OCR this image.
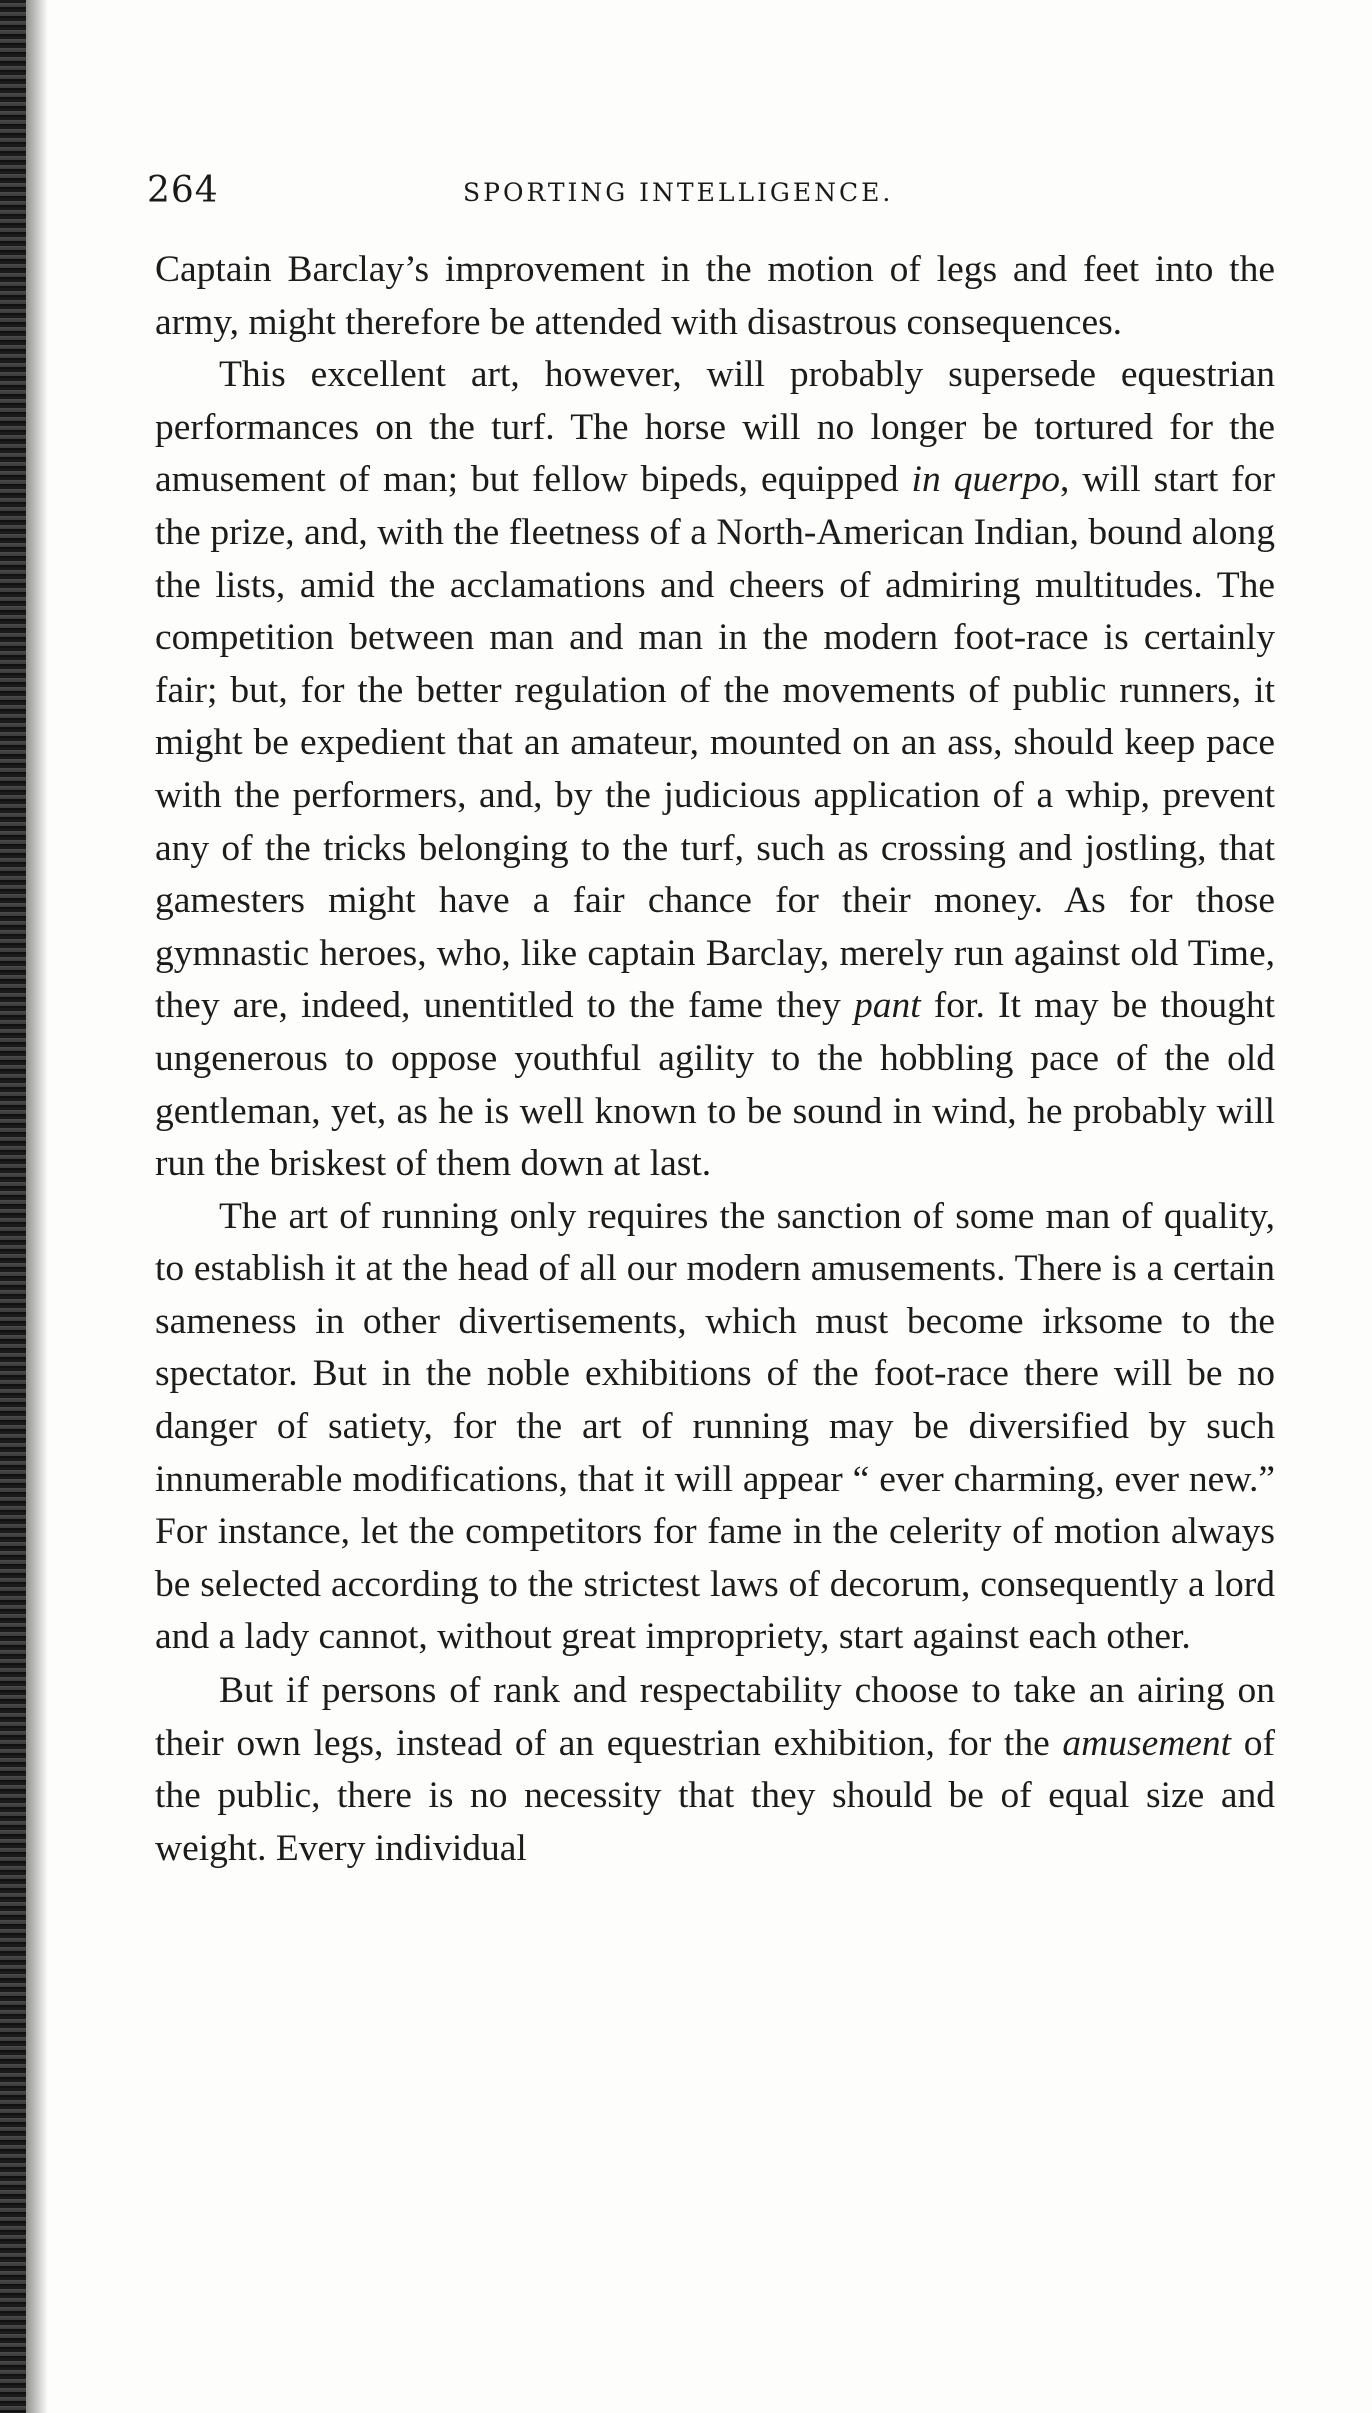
264	SPORTING INTELLIGENCE.

Captain Barclay’s improvement in the motion of legs and feet into the army, might therefore be attended with disastrous consequences.

This excellent art, however, will probably supersede equestrian performances on the turf. The horse will no longer be tortured for the amusement of man; but fellow bipeds, equipped in querpo, will start for the prize, and, with the fleetness of a North-American Indian, bound along the lists, amid the acclamations and cheers of admiring multitudes. The competition between man and man in the modern foot-race is certainly fair; but, for the better regulation of the movements of public runners, it might be expedient that an amateur, mounted on an ass, should keep pace with the performers, and, by the judicious application of a whip, prevent any of the tricks belonging to the turf, such as crossing and jostling, that gamesters might have a fair chance for their money. As for those gymnastic heroes, who, like captain Barclay, merely run against old Time, they are, indeed, unentitled to the fame they pant for. It may be thought ungenerous to oppose youthful agility to the hobbling pace of the old gentleman, yet, as he is well known to be sound in wind, he probably will run the briskest of them down at last.

The art of running only requires the sanction of some man of quality, to establish it at the head of all our modern amusements. There is a certain sameness in other divertisements, which must become irksome to the spectator. But in the noble exhibitions of the foot-race there will be no danger of satiety, for the art of running may be diversified by such innumerable modifications, that it will appear “ ever charming, ever new.” For instance, let the competitors for fame in the celerity of motion always be selected according to the strictest laws of decorum, consequently a lord and a lady cannot, without great impropriety, start against each other.

But if persons of rank and respectability choose to take an airing on their own legs, instead of an equestrian exhibition, for the amusement of the public, there is no necessity that they should be of equal size and weight. Every individual
